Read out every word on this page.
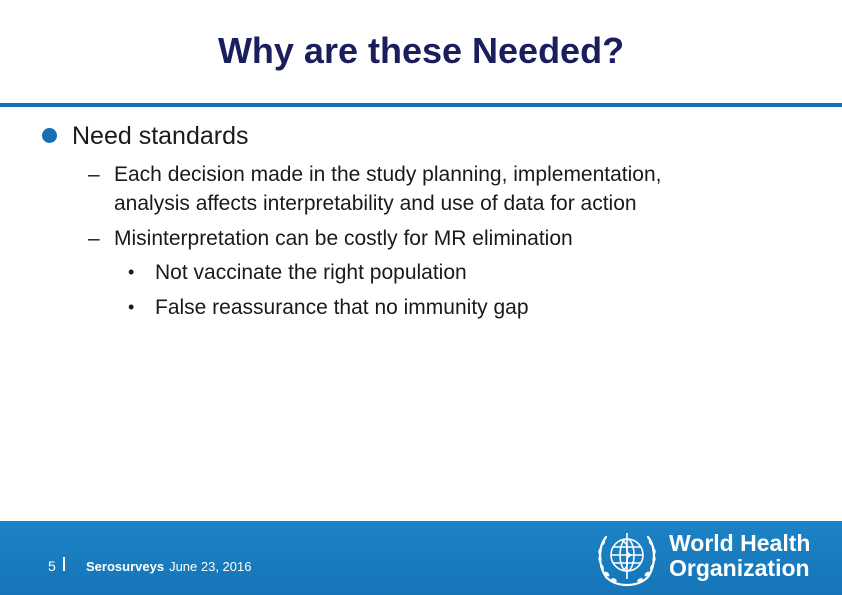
Why are these Needed?
Need standards
– Each decision made in the study planning, implementation,
analysis affects interpretability and use of data for action
– Misinterpretation can be costly for MR elimination
• Not vaccinate the right population
• False reassurance that no immunity gap
5 Serosurveys June 23, 2016
World Health
Organization
